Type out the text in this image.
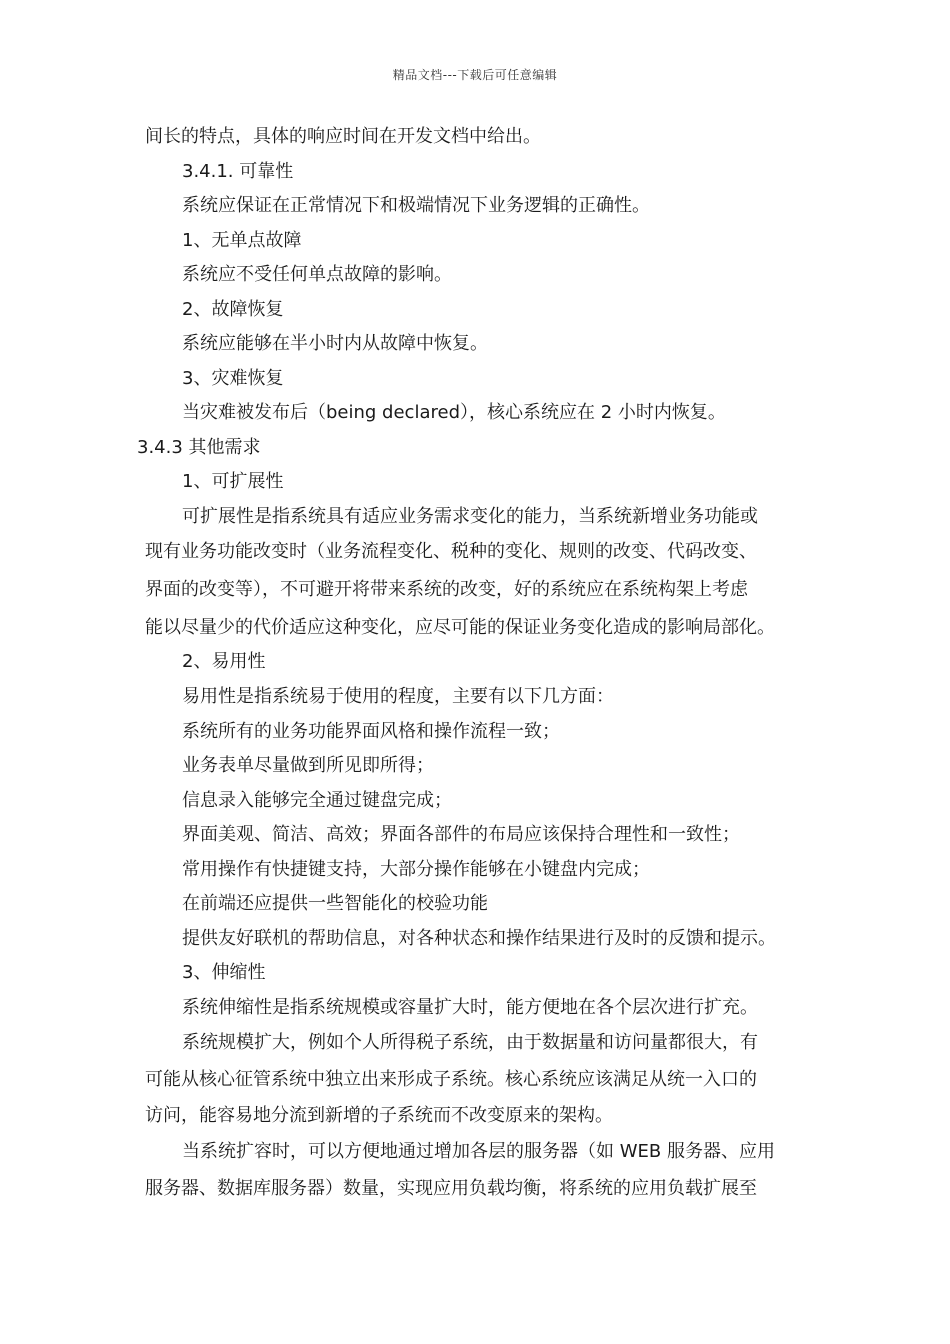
精品文档---下载后可任意编辑
间长的特点，具体的响应时间在开发文档中给出。
3.4.1. 可靠性
系统应保证在正常情况下和极端情况下业务逻辑的正确性。
1、无单点故障
系统应不受任何单点故障的影响。
2、故障恢复
系统应能够在半小时内从故障中恢复。
3、灾难恢复
当灾难被发布后（being declared），核心系统应在 2 小时内恢复。
3.4.3 其他需求
1、可扩展性
可扩展性是指系统具有适应业务需求变化的能力，当系统新增业务功能或
现有业务功能改变时（业务流程变化、税种的变化、规则的改变、代码改变、
界面的改变等），不可避开将带来系统的改变，好的系统应在系统构架上考虑
能以尽量少的代价适应这种变化，应尽可能的保证业务变化造成的影响局部化。
2、易用性
易用性是指系统易于使用的程度，主要有以下几方面：
系统所有的业务功能界面风格和操作流程一致；
业务表单尽量做到所见即所得；
信息录入能够完全通过键盘完成；
界面美观、简洁、高效；界面各部件的布局应该保持合理性和一致性；
常用操作有快捷键支持，大部分操作能够在小键盘内完成；
在前端还应提供一些智能化的校验功能
提供友好联机的帮助信息，对各种状态和操作结果进行及时的反馈和提示。
3、伸缩性
系统伸缩性是指系统规模或容量扩大时，能方便地在各个层次进行扩充。
系统规模扩大，例如个人所得税子系统，由于数据量和访问量都很大，有
可能从核心征管系统中独立出来形成子系统。核心系统应该满足从统一入口的
访问，能容易地分流到新增的子系统而不改变原来的架构。
当系统扩容时，可以方便地通过增加各层的服务器（如 WEB 服务器、应用
服务器、数据库服务器）数量，实现应用负载均衡，将系统的应用负载扩展至
